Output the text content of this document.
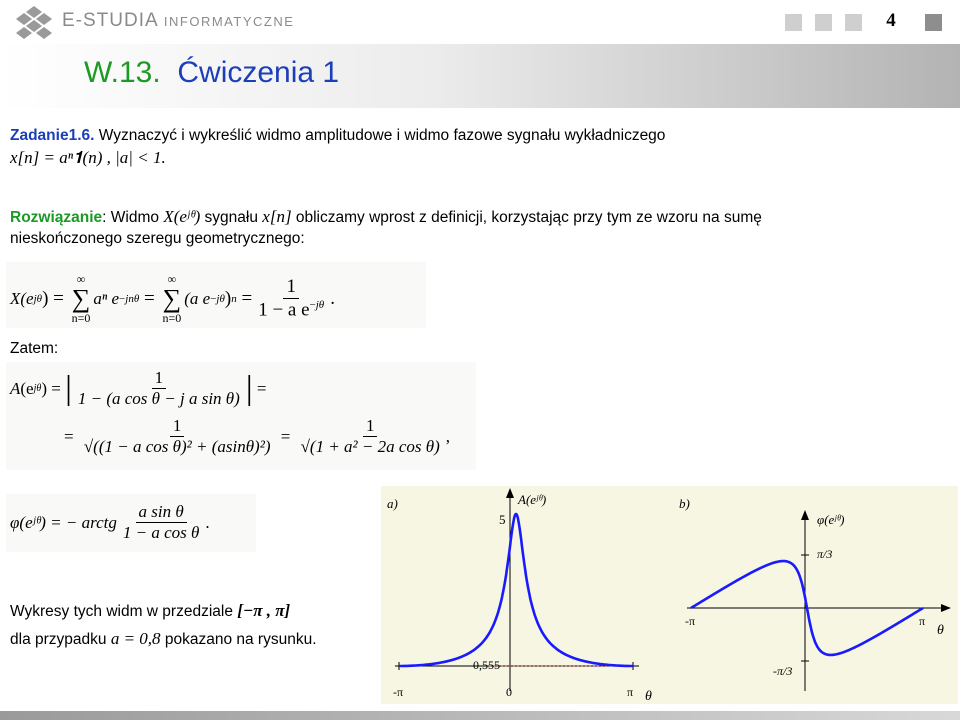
E-STUDIA INFORMATYCZNE	4
W.13. Ćwiczenia 1
Zadanie1.6. Wyznaczyć i wykreślić widmo amplitudowe i widmo fazowe sygnału wykładniczego
x[n] = aⁿ𝟏(n) , |a| < 1.
Rozwiązanie: Widmo X(eʲᶿ) sygnału x[n] obliczamy wprost z definicji, korzystając przy tym ze wzoru na sumę
nieskończonego szeregu geometrycznego:
X(e jθ ) =
∞
∑
n=0
aⁿ e −jnθ =
∞
∑
n=0
(a e −jθ ) $n = \frac{1}{1 - a e^{-j\theta}}$ .
Zatem:
A (e jθ ) = | $\frac{1}{\text{1 − (a cos θ − j a sin θ)}}$ | =
= $\frac{1}{\text{√((1 − a cos θ)² + (asinθ)²)}} = \frac{1}{\text{√(1 + a² − 2a cos θ)}}$ ,
φ(eʲᶿ) = − arctg $\frac{\text{a sin θ}}{\text{1 − a cos θ}}$ .
Wykresy tych widm w przedziale [−π , π]
dla przypadku a = 0,8 pokazano na rysunku.
a)	A(eʲᶿ)
5
0,555
-π	0	π θ
b)
φ(eʲᶿ)
π/3
-π/3
-π	π
θ
